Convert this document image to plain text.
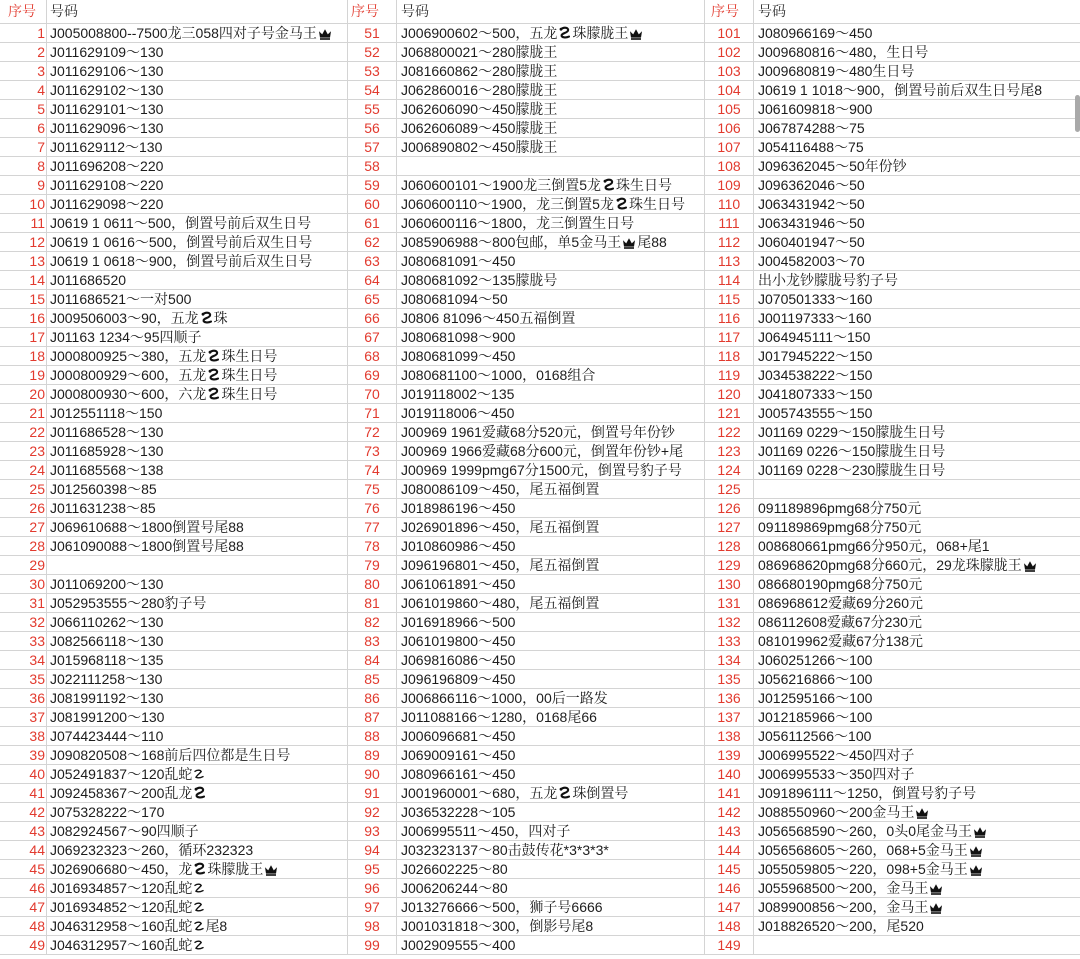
序号	号码
1 J005008800--7500龙三058四对子号金马王
2 J011629109～130
3 J011629106～130
4 J011629102～130
5 J011629101～130
6 J011629096～130
7 J011629112～130
8 J011696208～220
9 J011629108～220
10 J011629098～220
11 J0619 1 0611～500，倒置号前后双生日号
12 J0619 1 0616～500，倒置号前后双生日号
13 J0619 1 0618～900，倒置号前后双生日号
14 J011686520
15 J011686521～一对500
16 J009506003～90，五龙 珠
17 J01163 1234～95四顺子
18 J000800925～380，五龙 珠生日号
19 J000800929～600，五龙 珠生日号
20 J000800930～600，六龙 珠生日号
21 J012551118～150
22 J011686528～130
23 J011685928～130
24 J011685568～138
25 J012560398～85
26 J011631238～85
27 J069610688～1800倒置号尾88
28 J061090088～1800倒置号尾88
29
30 J011069200～130
31 J052953555～280豹子号
32 J066110262～130
33 J082566118～130
34 J015968118～135
35 J022111258～130
36 J081991192～130
37 J081991200～130
38 J074423444～110
39 J090820508～168前后四位都是生日号
40 J052491837～120乱蛇
41 J092458367～200乱龙
42 J075328222～170
43 J082924567～90四顺子
44 J069232323～260，循环232323
45 J026906680～450，龙 珠朦胧王
46 J016934857～120乱蛇
47 J016934852～120乱蛇
48 J046312958～160乱蛇 尾8
49 J046312957～160乱蛇
序号	号码
51	J006900602～500，五龙 珠朦胧王
52	J068800021～280朦胧王
53	J081660862～280朦胧王
54	J062860016～280朦胧王
55	J062606090～450朦胧王
56	J062606089～450朦胧王
57	J006890802～450朦胧王
58
59	J060600101～1900龙三倒置5龙 珠生日号
60	J060600110～1900，龙三倒置5龙 珠生日号
61	J060600116～1800，龙三倒置生日号
62	J085906988～800包邮，单5金马王 尾88
63	J080681091～450
64	J080681092～135朦胧号
65	J080681094～50
66	J0806 81096～450五福倒置
67	J080681098～900
68	J080681099～450
69	J080681100～1000，0168组合
70	J019118002～135
71	J019118006～450
72	J00969 1961爱藏68分520元，倒置号年份钞
73	J00969 1966爱藏68分600元，倒置年份钞+尾
74	J00969 1999pmg67分1500元，倒置号豹子号
75	J080086109～450，尾五福倒置
76	J018986196～450
77	J026901896～450，尾五福倒置
78	J010860986～450
79	J096196801～450，尾五福倒置
80	J061061891～450
81	J061019860～480，尾五福倒置
82	J016918966～500
83	J061019800～450
84	J069816086～450
85	J096196809～450
86	J006866116～1000，00后一路发
87	J011088166～1280，0168尾66
88	J006096681～450
89	J069009161～450
90	J080966161～450
91	J001960001～680，五龙 珠倒置号
92	J036532228～105
93	J006995511～450，四对子
94	J032323137～80击鼓传花*3*3*3*
95	J026602225～80
96	J006206244～80
97	J013276666～500，狮子号6666
98	J001031818～300，倒影号尾8
99	J002909555～400
序号	号码
101	J080966169～450
102	J009680816～480，生日号
103	J009680819～480生日号
104	J0619 1 1018～900，倒置号前后双生日号尾8
105	J061609818～900
106	J067874288～75
107	J054116488～75
108	J096362045～50年份钞
109	J096362046～50
110	J063431942～50
111	J063431946～50
112	J060401947～50
113	J004582003～70
114	出小龙钞朦胧号豹子号
115	J070501333～160
116	J001197333～160
117	J064945111～150
118	J017945222～150
119	J034538222～150
120	J041807333～150
121	J005743555～150
122	J01169 0229～150朦胧生日号
123	J01169 0226～150朦胧生日号
124	J01169 0228～230朦胧生日号
125
126	091189896pmg68分750元
127	091189869pmg68分750元
128	008680661pmg66分950元，068+尾1
129	086968620pmg68分660元，29龙珠朦胧王
130	086680190pmg68分750元
131	086968612爱藏69分260元
132	086112608爱藏67分230元
133	081019962爱藏67分138元
134	J060251266～100
135	J056216866～100
136	J012595166～100
137	J012185966～100
138	J056112566～100
139	J006995522～450四对子
140	J006995533～350四对子
141	J091896111～1250，倒置号豹子号
142	J088550960～200金马王
143	J056568590～260，0头0尾金马王
144	J056568605～260，068+5金马王
145	J055059805～220，098+5金马王
146	J055968500～200，金马王
147	J089900856～200，金马王
148	J018826520～200，尾520
149
